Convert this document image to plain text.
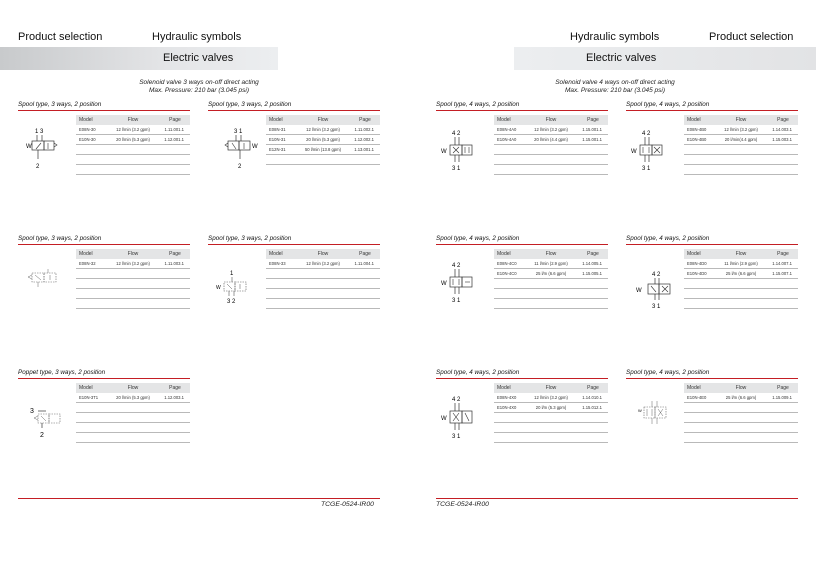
Product selection	Hydraulic symbols
Electric valves
Solenoid valve 3 ways on-off direct acting
Max. Pressure: 210 bar (3.045 psi)
Spool type, 3 ways, 2 position
1 3
W
2
Model	Flow	Page
E08N-30	12 l/min (3.2 gpm)	1.11.001.1
E10N-30	20 l/min (5.3 gpm)	1.12.001.1
Spool type, 3 ways, 2 position
3 1
W
2
Model	Flow	Page
E08N-31	12 l/min (3.2 gpm)	1.11.002.1
E10N-31	20 l/min (5.3 gpm)	1.12.002.1
E12N-31	50 l/min (13.8 gpm)	1.13.001.1
Spool type, 3 ways, 2 position
Model	Flow	Page
E08N-32	12 l/min (3.2 gpm)	1.11.003.1
Spool type, 3 ways, 2 position
1
W
3 2
Model	Flow	Page
E08N-33	12 l/min (3.2 gpm)	1.11.004.1
Poppet type, 3 ways, 2 position
3
2
Model	Flow	Page
E10N-3T1	20 l/min (5.3 gpm)	1.12.003.1
TCGE-0524-IR00
Hydraulic symbols	Product selection
Electric valves
Solenoid valve 4 ways on-off direct acting
Max. Pressure: 210 bar (3.045 psi)
Spool type, 4 ways, 2 position
4 2
W
3 1
Model	Flow	Page
E08N-4A0	12 l/min (3.2 gpm)	1.15.001.1
E10N-4A0	20 l/min (4.4 gpm)	1.15.001.1
Spool type, 4 ways, 2 position
4 2
W
3 1
Model	Flow	Page
E08N-4B0	12 l/min (3.2 gpm)	1.14.003.1
E10N-4B0	20 l/min(4.4 gpm)	1.15.003.1
Spool type, 4 ways, 2 position
4 2
W
3 1
Model	Flow	Page
E08N-4C0	11 l/min (2.9 gpm)	1.14.005.1
E10N-4C0	25 l/m (6.6 gpm)	1.15.005.1
Spool type, 4 ways, 2 position
4 2
W
3 1
Model	Flow	Page
E08N-4D0	11 l/min (2.9 gpm)	1.14.007.1
E10N-4D0	25 l/m (6.6 gpm)	1.15.007.1
Spool type, 4 ways, 2 position
4 2
W
3 1
Model	Flow	Page
E08N-4X0	12 l/min (3.2 gpm)	1.14.010.1
E10N-4X0	20 l/m (5.3 gpm)	1.15.012.1
Spool type, 4 ways, 2 position
W
Model	Flow	Page
E10N-4E0	25 l/m (6.6 gpm)	1.15.009.1
TCGE-0524-IR00
